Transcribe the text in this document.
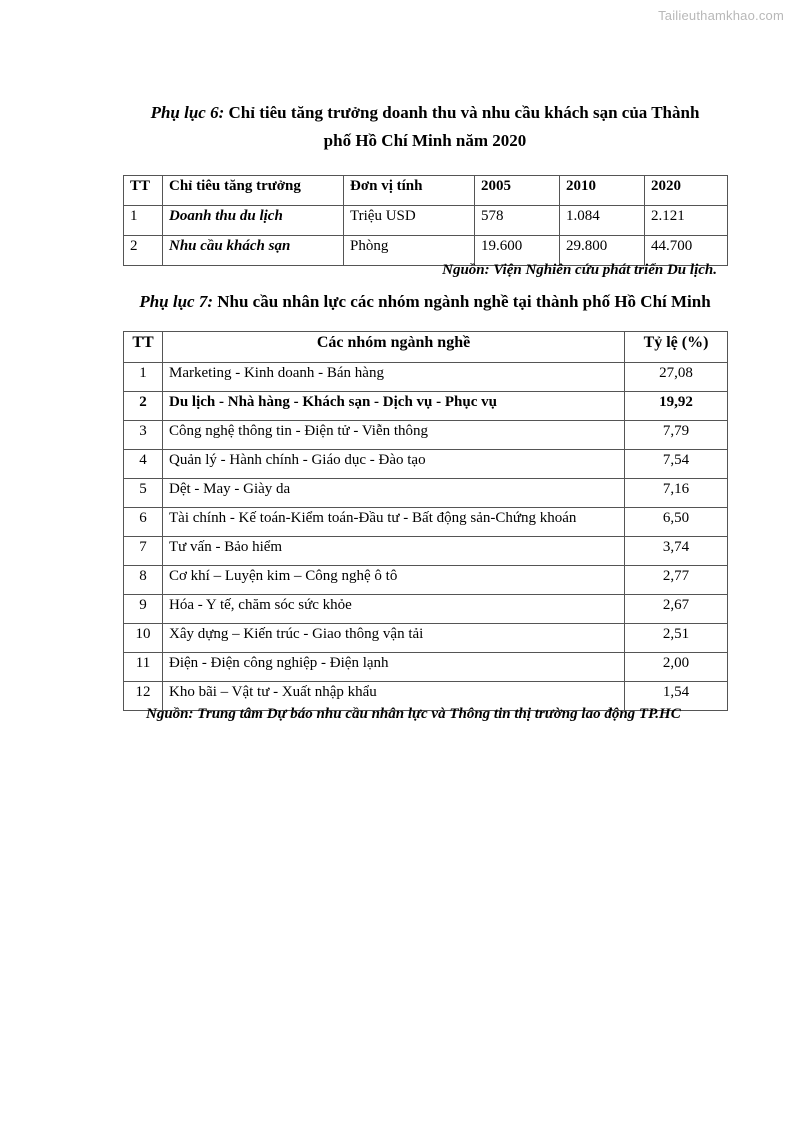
Tailieuthamkhao.com
Phụ lục 6: Chỉ tiêu tăng trưởng doanh thu và nhu cầu khách sạn của Thành
phố Hồ Chí Minh năm 2020
TT	Chỉ tiêu tăng trưởng	Đơn vị tính	2005	2010	2020
1	Doanh thu du lịch	Triệu USD	578	1.084	2.121
2	Nhu cầu khách sạn	Phòng	19.600	29.800	44.700
Nguồn: Viện Nghiên cứu phát triển Du lịch.
Phụ lục 7: Nhu cầu nhân lực các nhóm ngành nghề tại thành phố Hồ Chí Minh
TT	Các nhóm ngành nghề	Tỷ lệ (%)
1	Marketing - Kinh doanh - Bán hàng	27,08
2	Du lịch - Nhà hàng - Khách sạn - Dịch vụ - Phục vụ	19,92
3	Công nghệ thông tin - Điện tử - Viễn thông	7,79
4	Quản lý - Hành chính - Giáo dục - Đào tạo	7,54
5	Dệt - May - Giày da	7,16
6	Tài chính - Kế toán-Kiểm toán-Đầu tư - Bất động sản-Chứng khoán	6,50
7	Tư vấn - Bảo hiểm	3,74
8	Cơ khí – Luyện kim – Công nghệ ô tô	2,77
9	Hóa - Y tế, chăm sóc sức khỏe	2,67
10	Xây dựng – Kiến trúc - Giao thông vận tải	2,51
11	Điện - Điện công nghiệp - Điện lạnh	2,00
12	Kho bãi – Vật tư - Xuất nhập khẩu	1,54
Nguồn: Trung tâm Dự báo nhu cầu nhân lực và Thông tin thị trường lao động TP.HC
